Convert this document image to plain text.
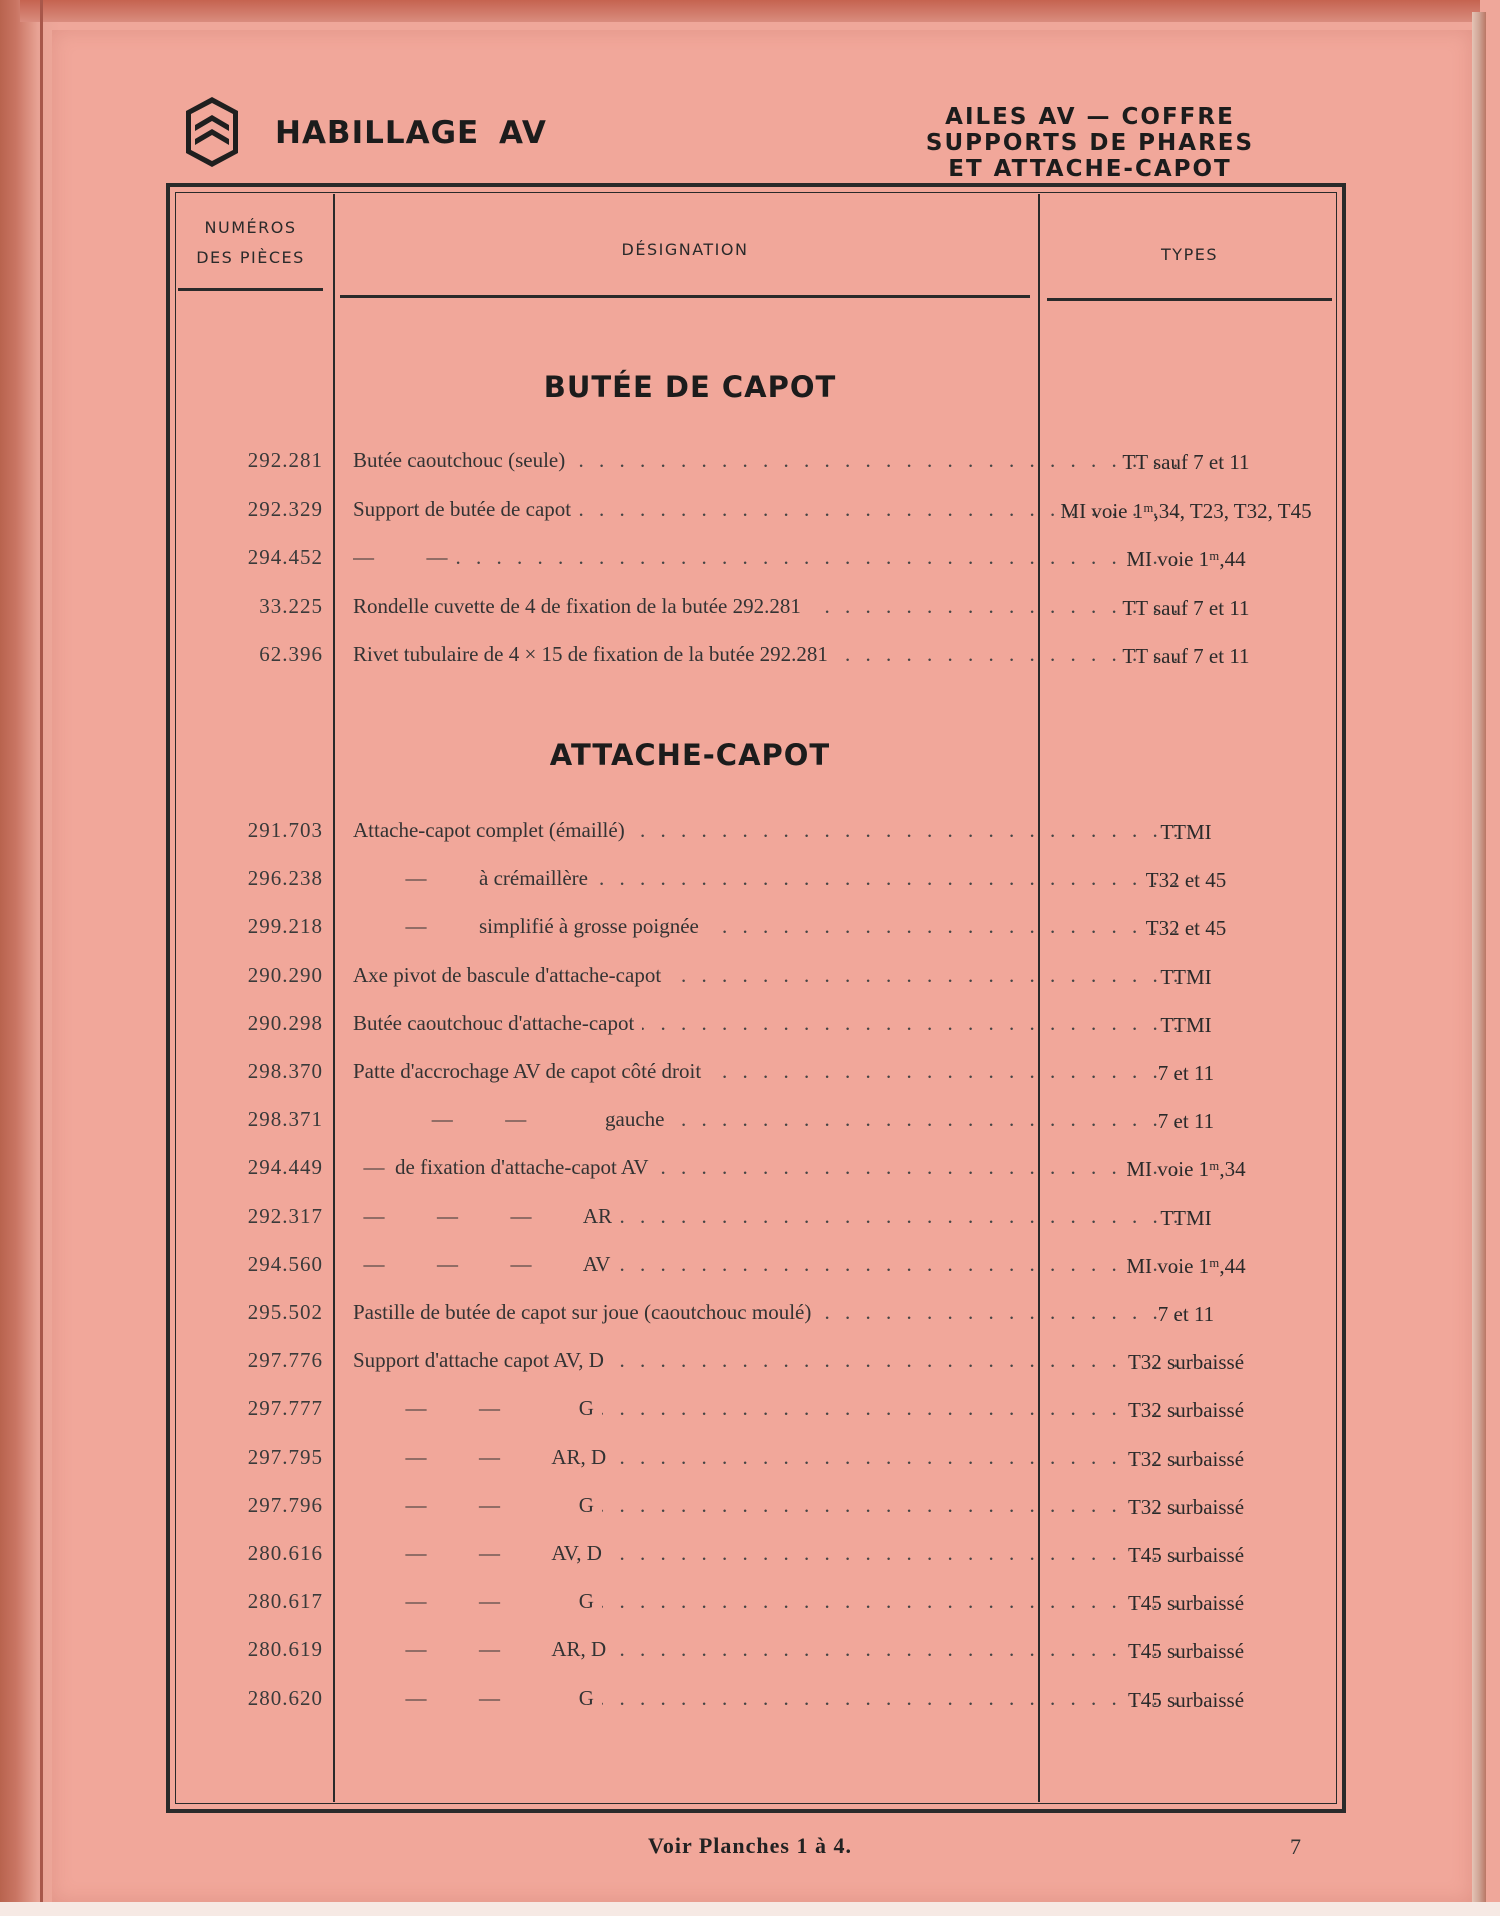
HABILLAGE AV	AILES AV — COFFRE
SUPPORTS DE PHARES
ET ATTACHE-CAPOT
NUMÉROS
DES PIÈCES	DÉSIGNATION	TYPES
BUTÉE DE CAPOT
ATTACHE-CAPOT
292.281 Butée caoutchouc (seule) . . .	TT sauf 7 et 11
292.329 Support de butée de capot . . .	MI voie 1ᵐ,34, T23, T32, T45
294.452 —          — . . .	MI voie 1ᵐ,44
33.225 Rondelle cuvette de 4 de fixation de la butée 292.281 . . .	TT sauf 7 et 11
62.396 Rivet tubulaire de 4 × 15 de fixation de la butée 292.281 . . .	TT sauf 7 et 11
291.703 Attache-capot complet (émaillé) . . .	TTMI
296.238 —          à crémaillère . . .	T32 et 45
299.218 —          simplifié à grosse poignée . . .	T32 et 45
290.290 Axe pivot de bascule d'attache-capot . . .	TTMI
290.298 Butée caoutchouc d'attache-capot . . .	TTMI
298.370 Patte d'accrochage AV de capot côté droit . . .	7 et 11
298.371 —          —               gauche . . .	7 et 11
294.449 —  de fixation d'attache-capot AV . . .	MI voie 1ᵐ,34
292.317 —          —          —          AR . . .	TTMI
294.560 —          —          —          AV . . .	MI voie 1ᵐ,44
295.502 Pastille de butée de capot sur joue (caoutchouc moulé) . . .	7 et 11
297.776 Support d'attache capot AV, D . . .	T32 surbaissé
297.777 —          —               G . . .	T32 surbaissé
297.795 —          —          AR, D . . .	T32 surbaissé
297.796 —          —               G . . .	T32 surbaissé
280.616 —          —          AV, D . . .	T45 surbaissé
280.617 —          —               G . . .	T45 surbaissé
280.619 —          —          AR, D . . .	T45 surbaissé
280.620 —          —               G . . .	T45 surbaissé
Voir Planches 1 à 4.	7
